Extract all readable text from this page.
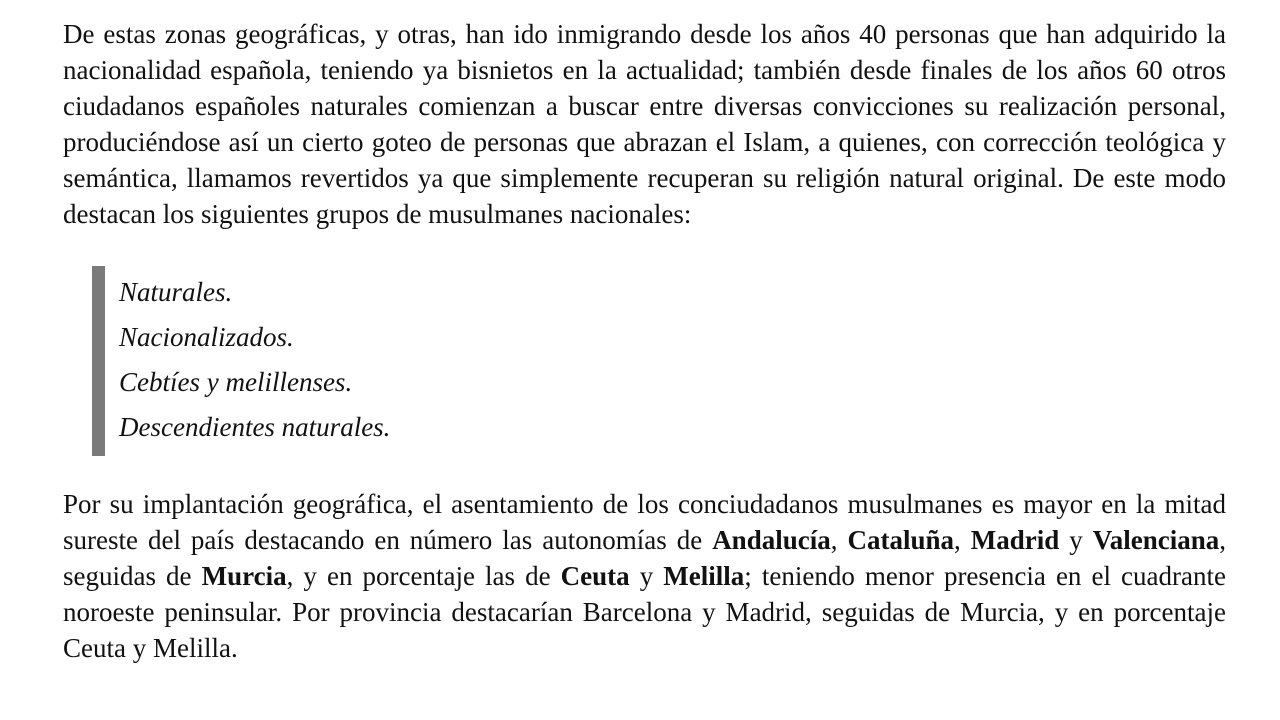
De estas zonas geográficas, y otras, han ido inmigrando desde los años 40 personas que han adquirido la nacionalidad española, teniendo ya bisnietos en la actualidad; también desde finales de los años 60 otros ciudadanos españoles naturales comienzan a buscar entre diversas convicciones su realización personal, produciéndose así un cierto goteo de personas que abrazan el Islam, a quienes, con corrección teológica y semántica, llamamos revertidos ya que simplemente recuperan su religión natural original. De este modo destacan los siguientes grupos de musulmanes nacionales:

Naturales.
Nacionalizados.
Cebtíes y melillenses.
Descendientes naturales.

Por su implantación geográfica, el asentamiento de los conciudadanos musulmanes es mayor en la mitad sureste del país destacando en número las autonomías de Andalucía, Cataluña, Madrid y Valenciana, seguidas de Murcia, y en porcentaje las de Ceuta y Melilla; teniendo menor presencia en el cuadrante noroeste peninsular. Por provincia destacarían Barcelona y Madrid, seguidas de Murcia, y en porcentaje Ceuta y Melilla.
